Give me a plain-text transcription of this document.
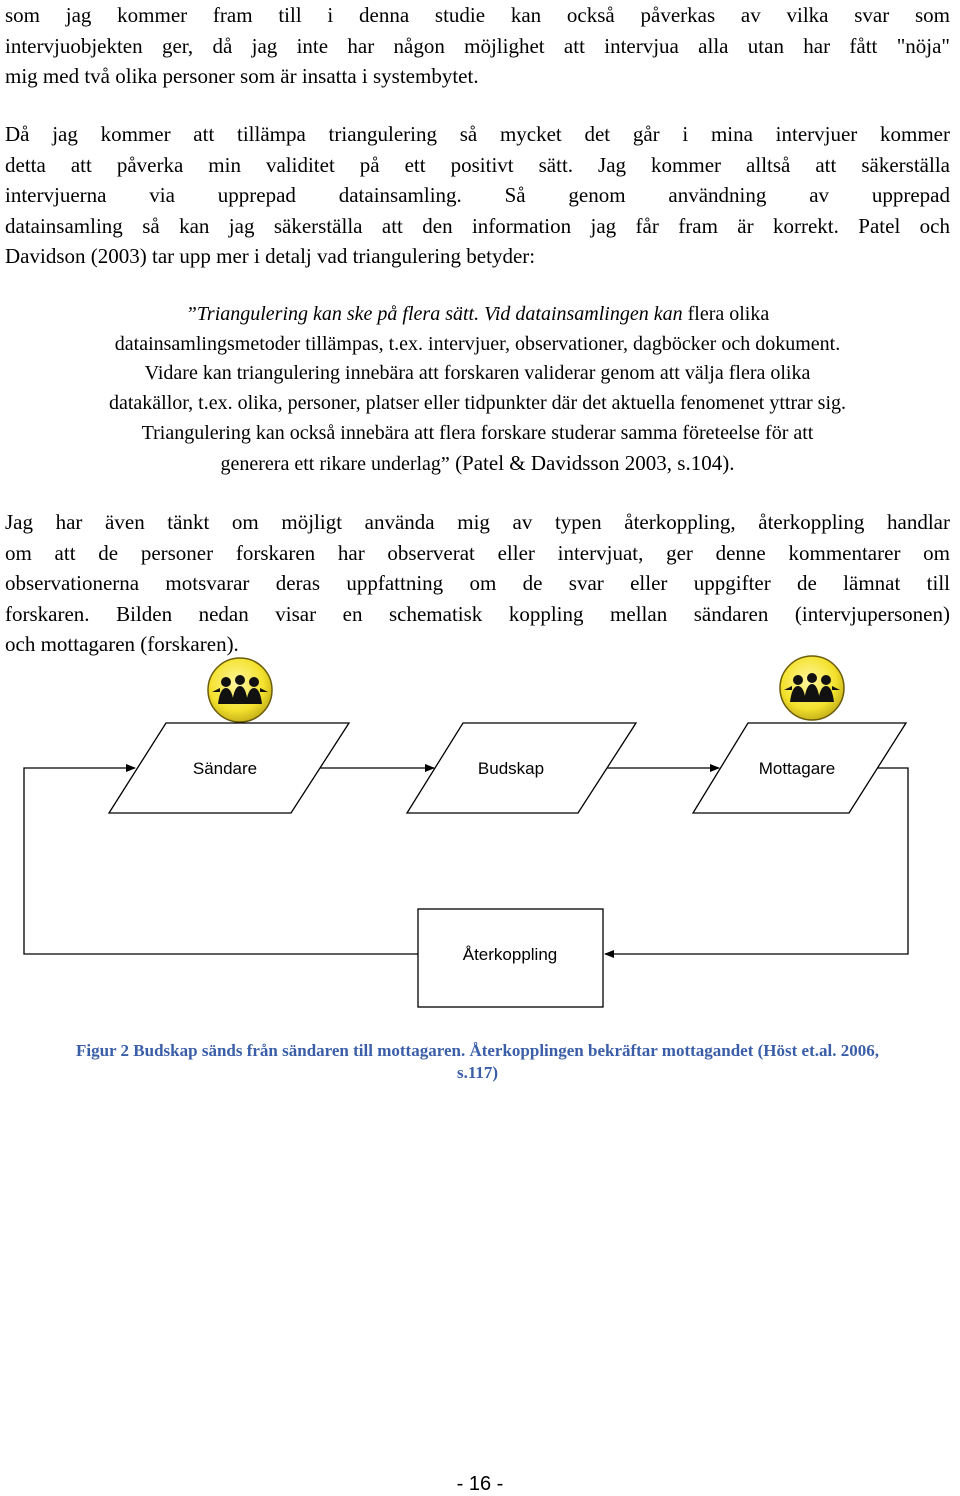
som jag kommer fram till i denna studie kan också påverkas av vilka svar som
intervjuobjekten ger, då jag inte har någon möjlighet att intervjua alla utan har fått "nöja"
mig med två olika personer som är insatta i systembytet.
Då jag kommer att tillämpa triangulering så mycket det går i mina intervjuer kommer
detta att påverka min validitet på ett positivt sätt. Jag kommer alltså att säkerställa
intervjuerna via upprepad datainsamling. Så genom användning av upprepad
datainsamling så kan jag säkerställa att den information jag får fram är korrekt. Patel och
Davidson (2003) tar upp mer i detalj vad triangulering betyder:
”Triangulering kan ske på flera sätt. Vid datainsamlingen kan flera olika
datainsamlingsmetoder tillämpas, t.ex. intervjuer, observationer, dagböcker och dokument.
Vidare kan triangulering innebära att forskaren validerar genom att välja flera olika
datakällor, t.ex. olika, personer, platser eller tidpunkter där det aktuella fenomenet yttrar sig.
Triangulering kan också innebära att flera forskare studerar samma företeelse för att
generera ett rikare underlag” (Patel & Davidsson 2003, s.104).
Jag har även tänkt om möjligt använda mig av typen återkoppling, återkoppling handlar
om att de personer forskaren har observerat eller intervjuat, ger denne kommentarer om
observationerna motsvarar deras uppfattning om de svar eller uppgifter de lämnat till
forskaren. Bilden nedan visar en schematisk koppling mellan sändaren (intervjupersonen)
och mottagaren (forskaren).
Sändare	Budskap	Mottagare
Återkoppling
Figur 2 Budskap sänds från sändaren till mottagaren. Återkopplingen bekräftar mottagandet (Höst et.al. 2006,
s.117)
- 16 -
